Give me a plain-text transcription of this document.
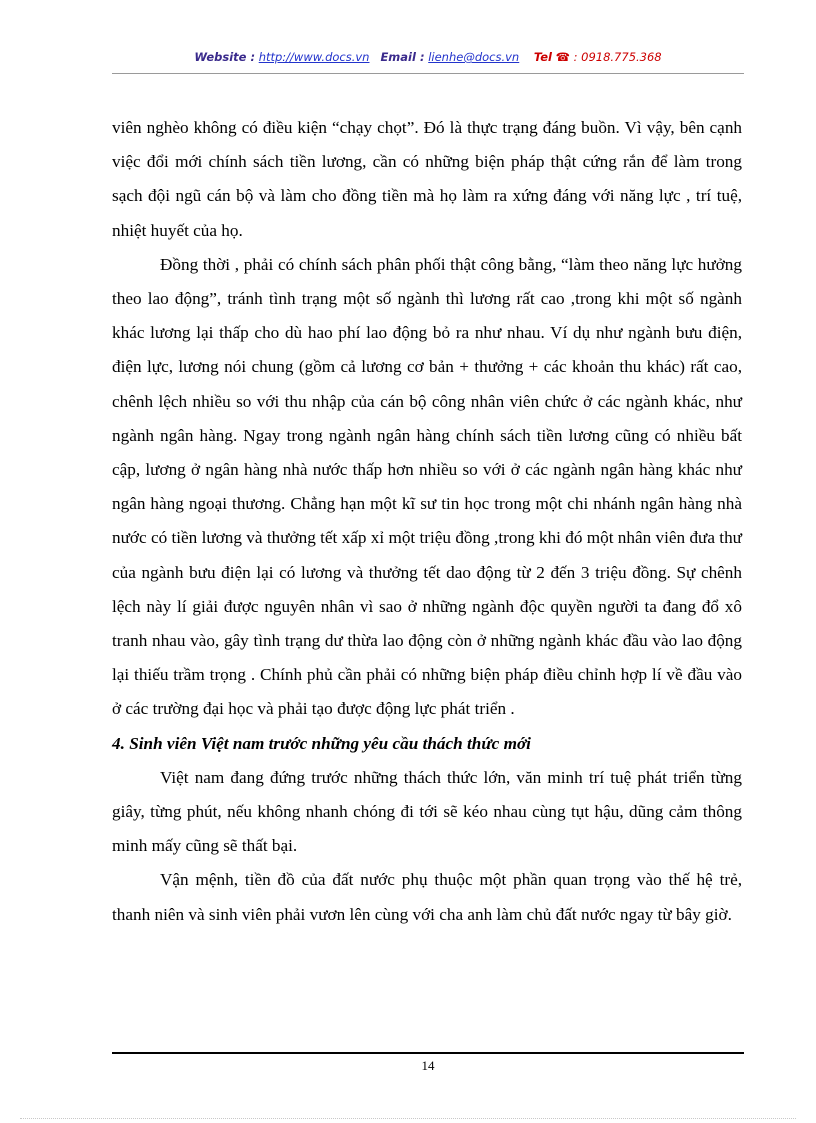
Website : http://www.docs.vn Email : lienhe@docs.vn Tel ☎ : 0918.775.368

viên nghèo không có điều kiện “chạy chọt”. Đó là thực trạng đáng buồn. Vì vậy, bên cạnh việc đổi mới chính sách tiền lương, cần có những biện pháp thật cứng rắn để làm trong sạch đội ngũ cán bộ và làm cho đồng tiền mà họ làm ra xứng đáng với năng lực , trí tuệ, nhiệt huyết của họ.

Đồng thời , phải có chính sách phân phối thật công bằng, “làm theo năng lực hưởng theo lao động”, tránh tình trạng một số ngành thì lương rất cao ,trong khi một số ngành khác lương lại thấp cho dù hao phí lao động bỏ ra như nhau. Ví dụ như ngành bưu điện, điện lực, lương nói chung (gồm cả lương cơ bản + thưởng + các khoản thu khác) rất cao, chênh lệch nhiều so với thu nhập của cán bộ công nhân viên chức ở các ngành khác, như ngành ngân hàng. Ngay trong ngành ngân hàng chính sách tiền lương cũng có nhiều bất cập, lương ở ngân hàng nhà nước thấp hơn nhiều so với ở các ngành ngân hàng khác như ngân hàng ngoại thương. Chẳng hạn một kĩ sư tin học trong một chi nhánh ngân hàng nhà nước có tiền lương và thưởng tết xấp xỉ một triệu đồng ,trong khi đó một nhân viên đưa thư của ngành bưu điện lại có lương và thưởng tết dao động từ 2 đến 3 triệu đồng. Sự chênh lệch này lí giải được nguyên nhân vì sao ở những ngành độc quyền người ta đang đổ xô tranh nhau vào, gây tình trạng dư thừa lao động còn ở những ngành khác đầu vào lao động lại thiếu trầm trọng . Chính phủ cần phải có những biện pháp điều chỉnh hợp lí về đầu vào ở các trường đại học và phải tạo được động lực phát triển .

4. Sinh viên Việt nam trước những yêu cầu thách thức mới

Việt nam đang đứng trước những thách thức lớn, văn minh trí tuệ phát triển từng giây, từng phút, nếu không nhanh chóng đi tới sẽ kéo nhau cùng tụt hậu, dũng cảm thông minh mấy cũng sẽ thất bại.

Vận mệnh, tiền đồ của đất nước phụ thuộc một phần quan trọng vào thế hệ trẻ, thanh niên và sinh viên phải vươn lên cùng với cha anh làm chủ đất nước ngay từ bây giờ.

14
